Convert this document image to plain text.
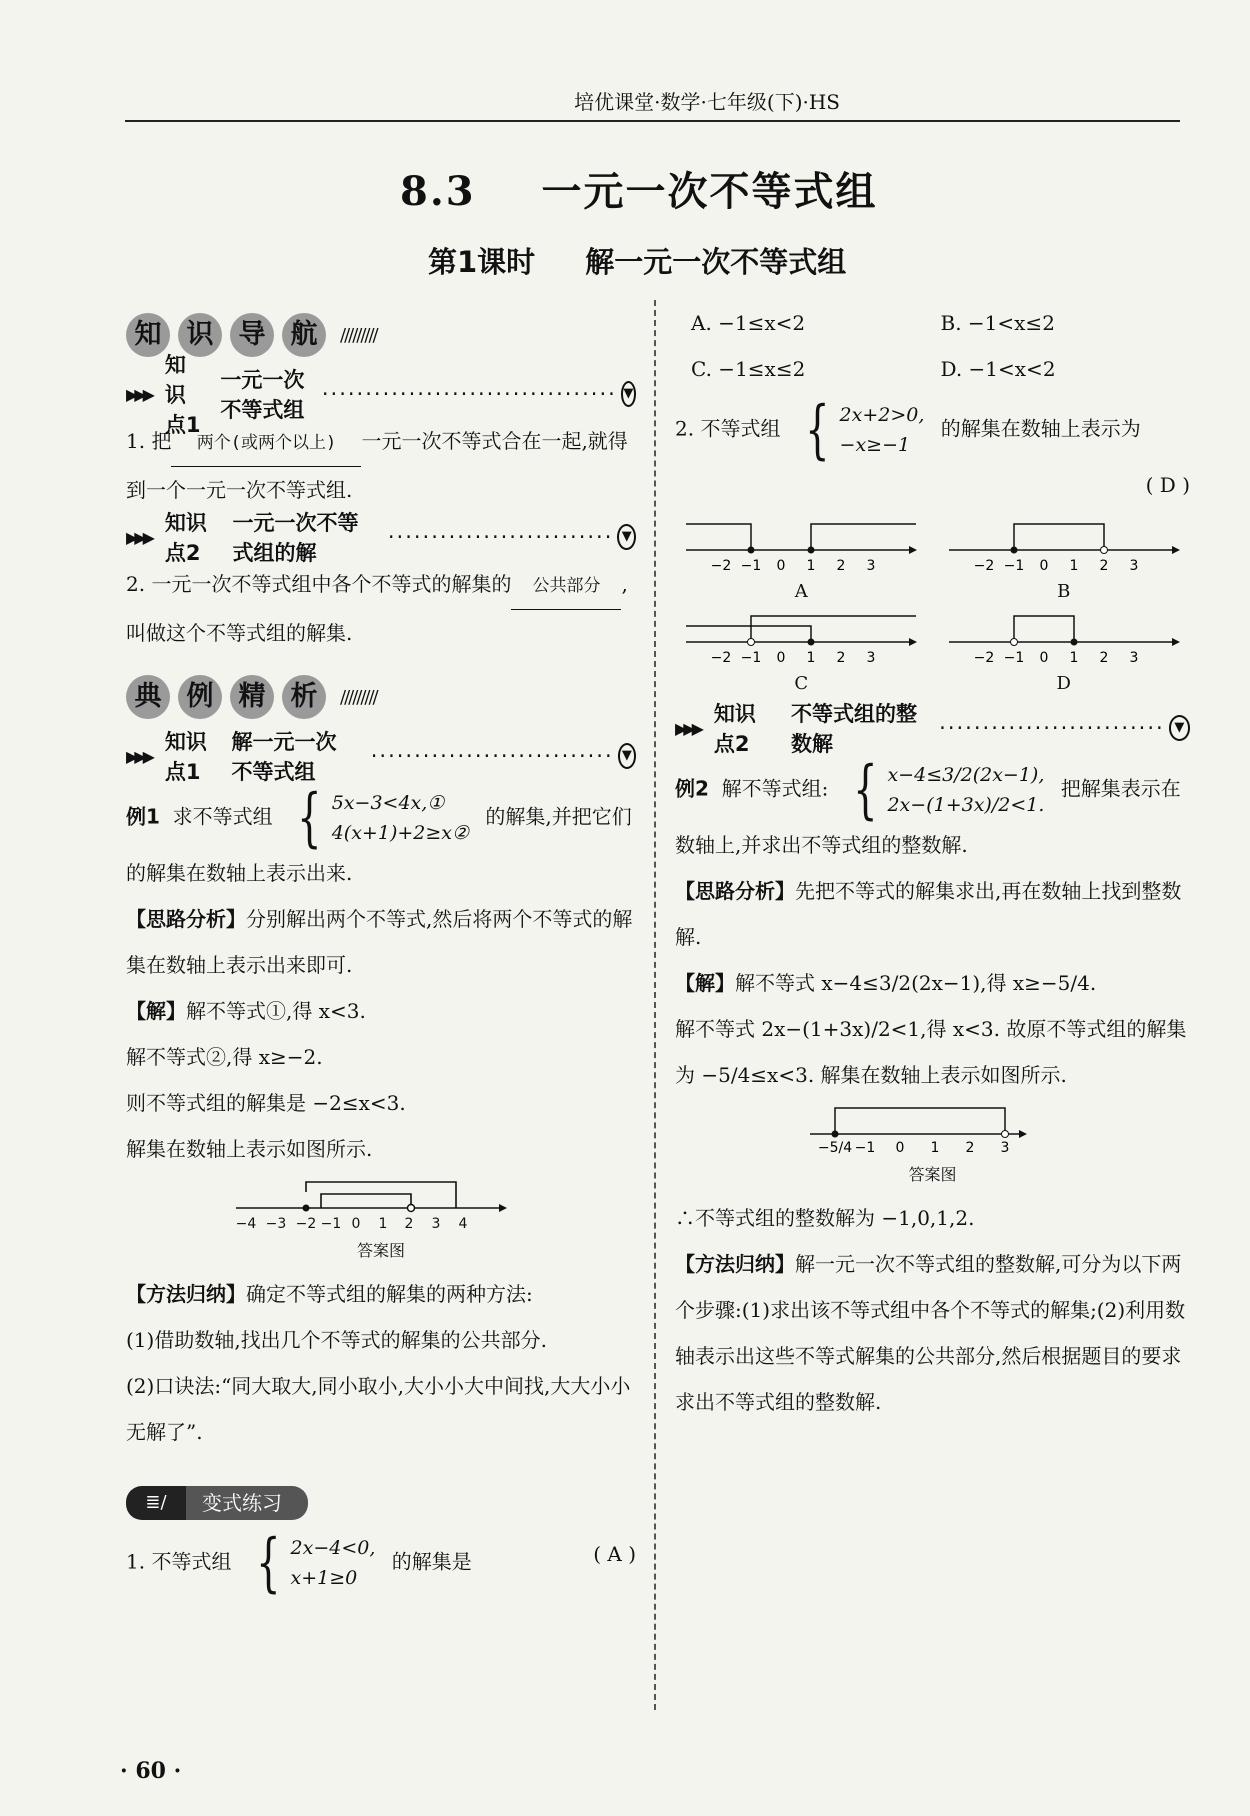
培优课堂·数学·七年级(下)·HS
8.3 一元一次不等式组
第1课时 解一元一次不等式组
知 识 导 航	/////////
▶▶▶
知识点1
一元一次不等式组
·································· ▼

1. 把 两个(或两个以上) 一元一次不等式合在一起,就得到一个一元一次不等式组.

▶▶▶
知识点2
一元一次不等式组的解
·························· ▼

2. 一元一次不等式组中各个不等式的解集的 公共部分 ,叫做这个不等式组的解集.

典 例 精 析	/////////
▶▶▶
知识点1
解一元一次不等式组
···························· ▼

例1 求不等式组 { 5x−3<4x,①
4(x+1)+2≥x②
的解集,并把它们的解集在数轴上表示出来.

【思路分析】分别解出两个不等式,然后将两个不等式的解集在数轴上表示出来即可.

【解】解不等式①,得 x<3.

解不等式②,得 x≥−2.

则不等式组的解集是 −2≤x<3.

解集在数轴上表示如图所示.

−4 −3 −2 −1 0 1 2 3 4
答案图

【方法归纳】确定不等式组的解集的两种方法:

(1)借助数轴,找出几个不等式的解集的公共部分.

(2)口诀法:“同大取大,同小取小,大小小大中间找,大大小小无解了”.

≣/	变式练习

1. 不等式组 { 2x−4<0,
x+1≥0
的解集是	( A )

A. −1≤x<2	B. −1<x≤2
C. −1≤x≤2	D. −1<x<2

2. 不等式组 { 2x+2>0,
−x≥−1
的解集在数轴上表示为

( D )

−2 −1 0 1 2 3
A
−2 −1 0 1 2 3
B
−2 −1 0 1 2 3
C
−2 −1 0 1 2 3
D
▶▶▶
知识点2
不等式组的整数解
·························· ▼

例2 解不等式组: { x−4≤3/2(2x−1),
2x−(1+3x)/2<1.
把解集表示在数轴上,并求出不等式组的整数解.

【思路分析】先把不等式的解集求出,再在数轴上找到整数解.

【解】解不等式 x−4≤3/2(2x−1),得 x≥−5/4.

解不等式 2x−(1+3x)/2<1,得 x<3. 故原不等式组的解集为 −5/4≤x<3. 解集在数轴上表示如图所示.

−5/4 −1 0 1 2 3
答案图

∴不等式组的整数解为 −1,0,1,2.

【方法归纳】解一元一次不等式组的整数解,可分为以下两个步骤:(1)求出该不等式组中各个不等式的解集;(2)利用数轴表示出这些不等式解集的公共部分,然后根据题目的要求求出不等式组的整数解.

· 60 ·
